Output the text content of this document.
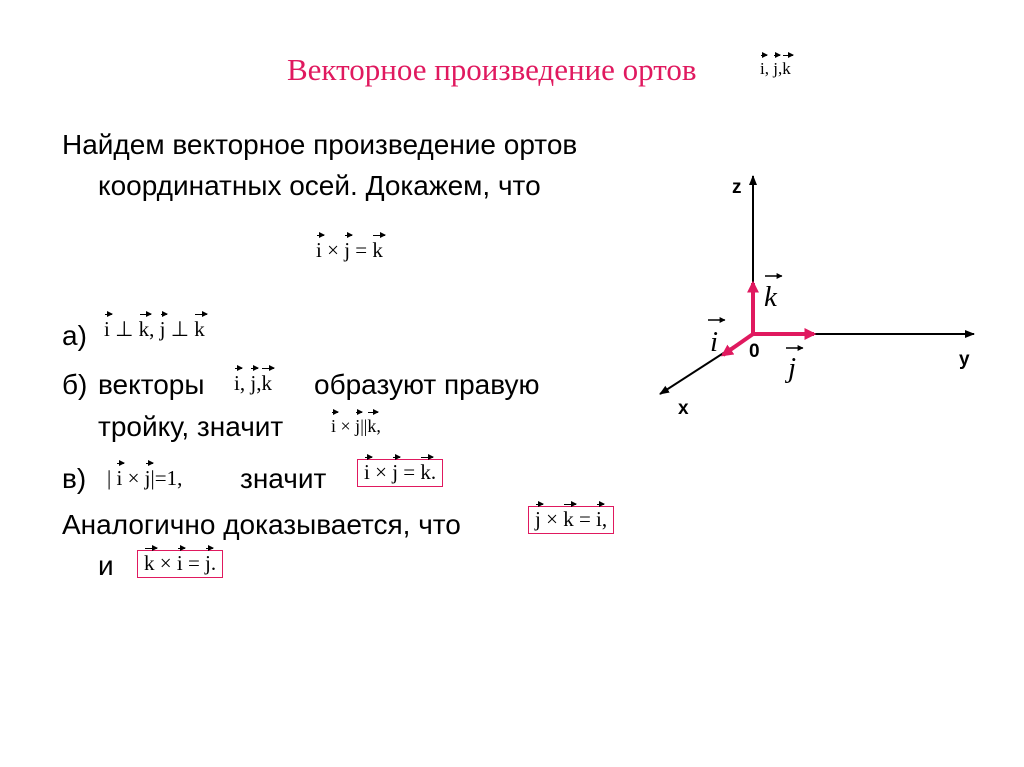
Векторное произведение ортов	i, j,k
Найдем векторное произведение ортов
координатных осей. Докажем, что
i × j = k
а) i ⊥ k, j ⊥ k
б) векторы i, j,k образуют правую
тройку, значит	i × j||k,
в) | i × j|=1, значит	i × j = k.
Аналогично доказывается, что	j × k = i,
и	k × i = j.
z
y
x
0
k
i
j
